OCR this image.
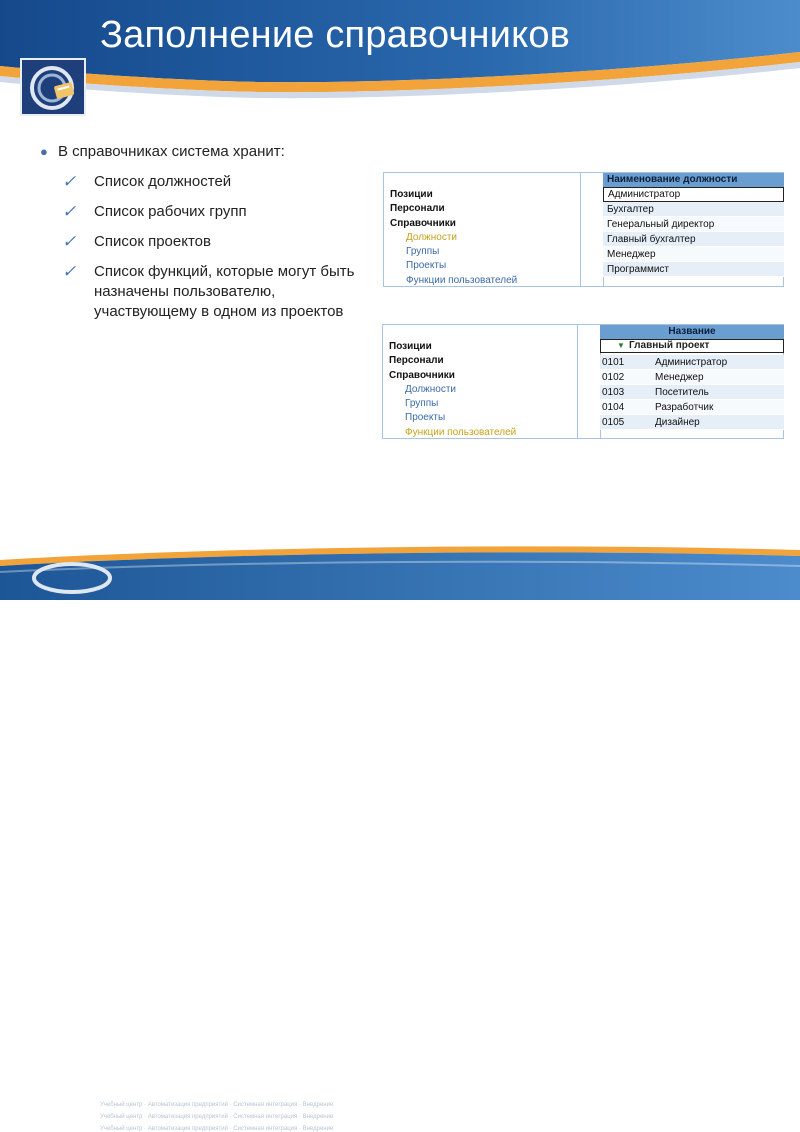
Заполнение справочников
● В справочниках система хранит:
✓	Список должностей
✓	Список рабочих групп
✓	Список проектов
✓	Список функций, которые могут быть назначены пользователю, участвующему в одном из проектов
Позиции
Персонали
Справочники
Должности
Группы
Проекты
Функции пользователей
Наименование должности
Администратор
Бухгалтер
Генеральный директор
Главный бухгалтер
Менеджер
Программист
Позиции
Персонали
Справочники
Должности
Группы
Проекты
Функции пользователей
Название
▼ Главный проект
0101	Администратор
0102	Менеджер
0103	Посетитель
0104	Разработчик
0105	Дизайнер
окс
Учебный центр · Автоматизация предприятий · Системная интеграция · Внедрение
Учебный центр · Автоматизация предприятий · Системная интеграция · Внедрение
Учебный центр · Автоматизация предприятий · Системная интеграция · Внедрение
